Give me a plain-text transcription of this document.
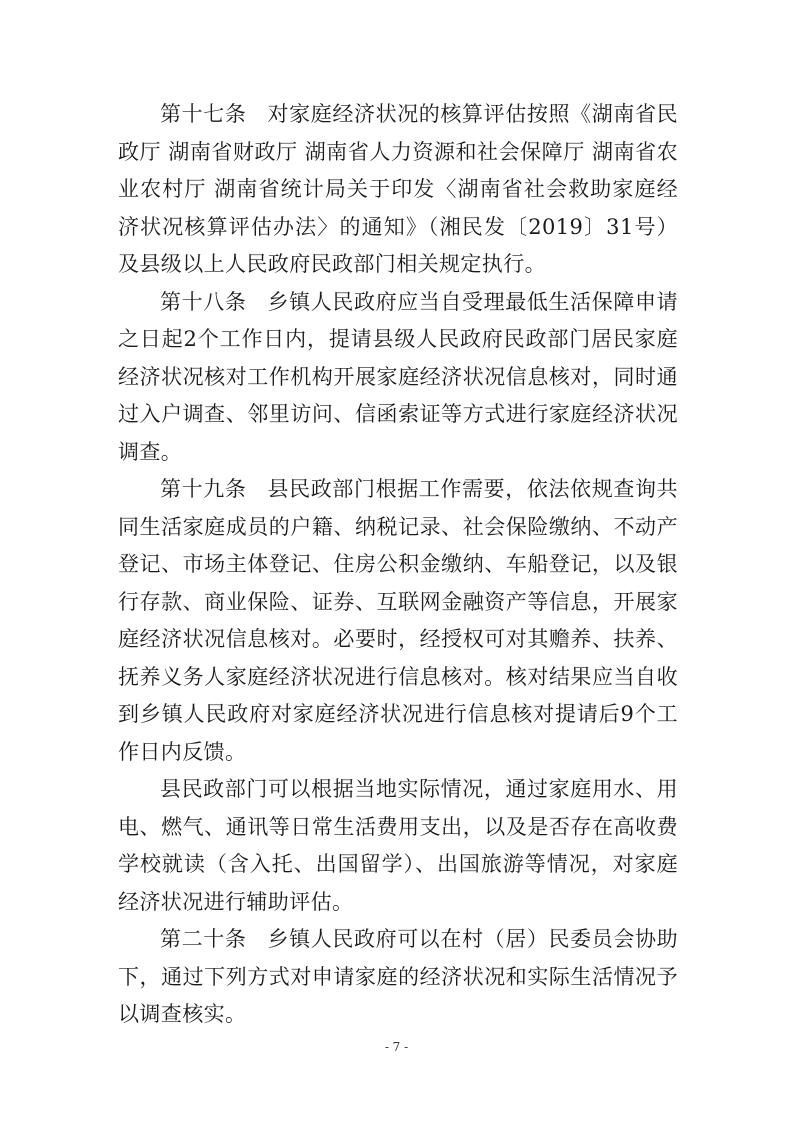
第十七条 对家庭经济状况的核算评估按照《湖南省民政厅 湖南省财政厅 湖南省人力资源和社会保障厅 湖南省农业农村厅 湖南省统计局关于印发〈湖南省社会救助家庭经济状况核算评估办法〉的通知》（湘民发〔2019〕31号）及县级以上人民政府民政部门相关规定执行。

第十八条 乡镇人民政府应当自受理最低生活保障申请之日起2个工作日内，提请县级人民政府民政部门居民家庭经济状况核对工作机构开展家庭经济状况信息核对，同时通过入户调查、邻里访问、信函索证等方式进行家庭经济状况调查。

第十九条 县民政部门根据工作需要，依法依规查询共同生活家庭成员的户籍、纳税记录、社会保险缴纳、不动产登记、市场主体登记、住房公积金缴纳、车船登记，以及银行存款、商业保险、证券、互联网金融资产等信息，开展家庭经济状况信息核对。必要时，经授权可对其赡养、扶养、抚养义务人家庭经济状况进行信息核对。核对结果应当自收到乡镇人民政府对家庭经济状况进行信息核对提请后9个工作日内反馈。

县民政部门可以根据当地实际情况，通过家庭用水、用电、燃气、通讯等日常生活费用支出，以及是否存在高收费学校就读（含入托、出国留学）、出国旅游等情况，对家庭经济状况进行辅助评估。

第二十条 乡镇人民政府可以在村（居）民委员会协助下，通过下列方式对申请家庭的经济状况和实际生活情况予以调查核实。

- 7 -
